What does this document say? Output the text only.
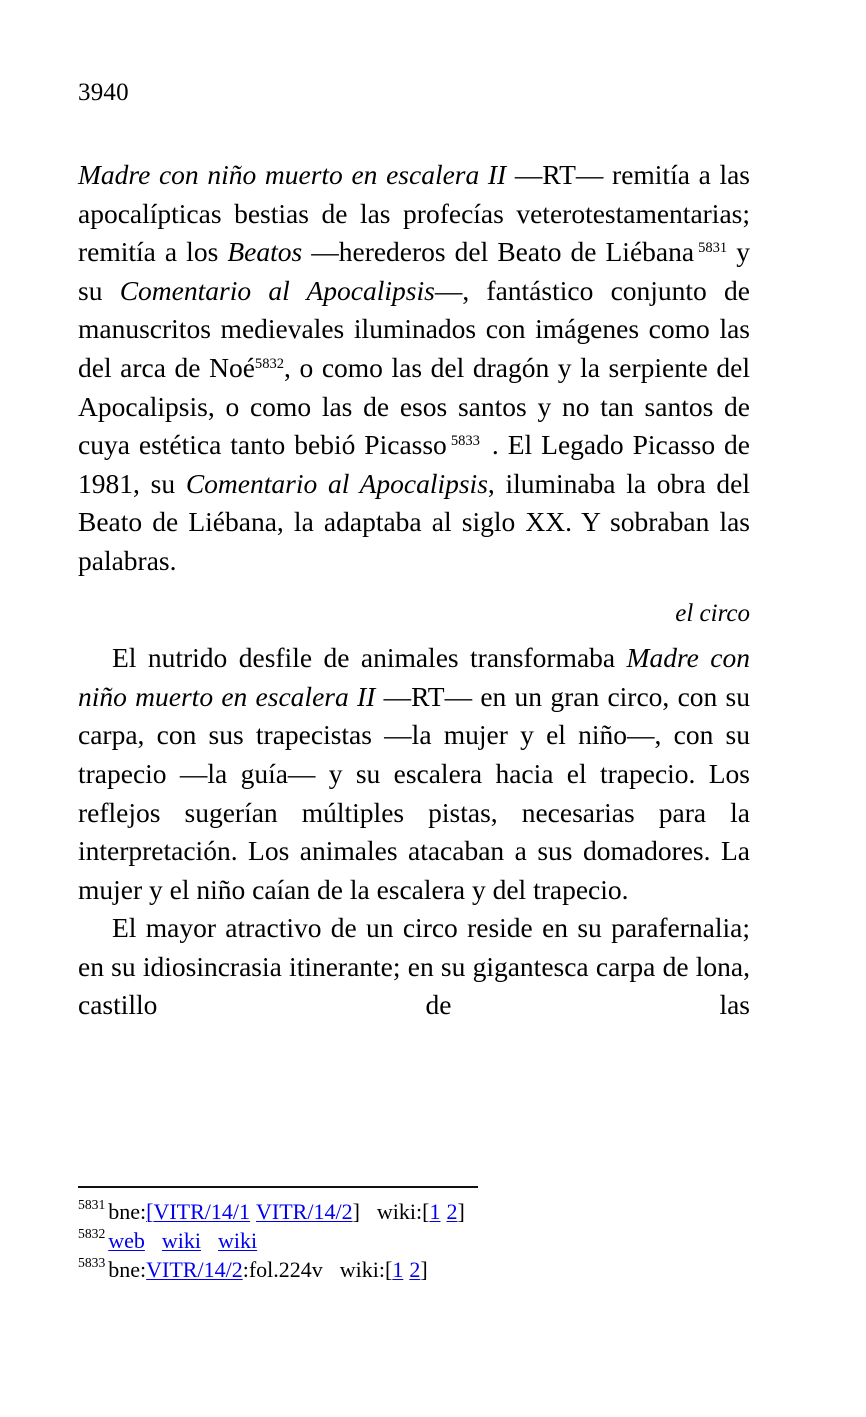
3940

Madre con niño muerto en escalera II ―RT― remitía a las apocalípticas bestias de las profecías veterotestamentarias; remitía a los Beatos ―herederos del Beato de Liébana $^{5831}$ y su Comentario al Apocalipsis―, fantástico conjunto de manuscritos medievales iluminados con imágenes como las del arca de Noé$^{5832}$, o como las del dragón y la serpiente del Apocalipsis, o como las de esos santos y no tan santos de cuya estética tanto bebió Picasso $^{5833}$ . El Legado Picasso de 1981, su Comentario al Apocalipsis, iluminaba la obra del Beato de Liébana, la adaptaba al siglo XX. Y sobraban las palabras.

el circo

El nutrido desfile de animales transformaba Madre con niño muerto en escalera II ―RT― en un gran circo, con su carpa, con sus trapecistas ―la mujer y el niño―, con su trapecio ―la guía― y su escalera hacia el trapecio. Los reflejos sugerían múltiples pistas, necesarias para la interpretación. Los animales atacaban a sus domadores. La mujer y el niño caían de la escalera y del trapecio.

El mayor atractivo de un circo reside en su parafernalia; en su idiosincrasia itinerante; en su gigantesca carpa de lona, castillo de las

$^{5831}$ bne:[VITR/14/1 VITR/14/2] wiki:[1 2]
$^{5832}$ web wiki wiki
$^{5833}$ bne:VITR/14/2:fol.224v wiki:[1 2]
